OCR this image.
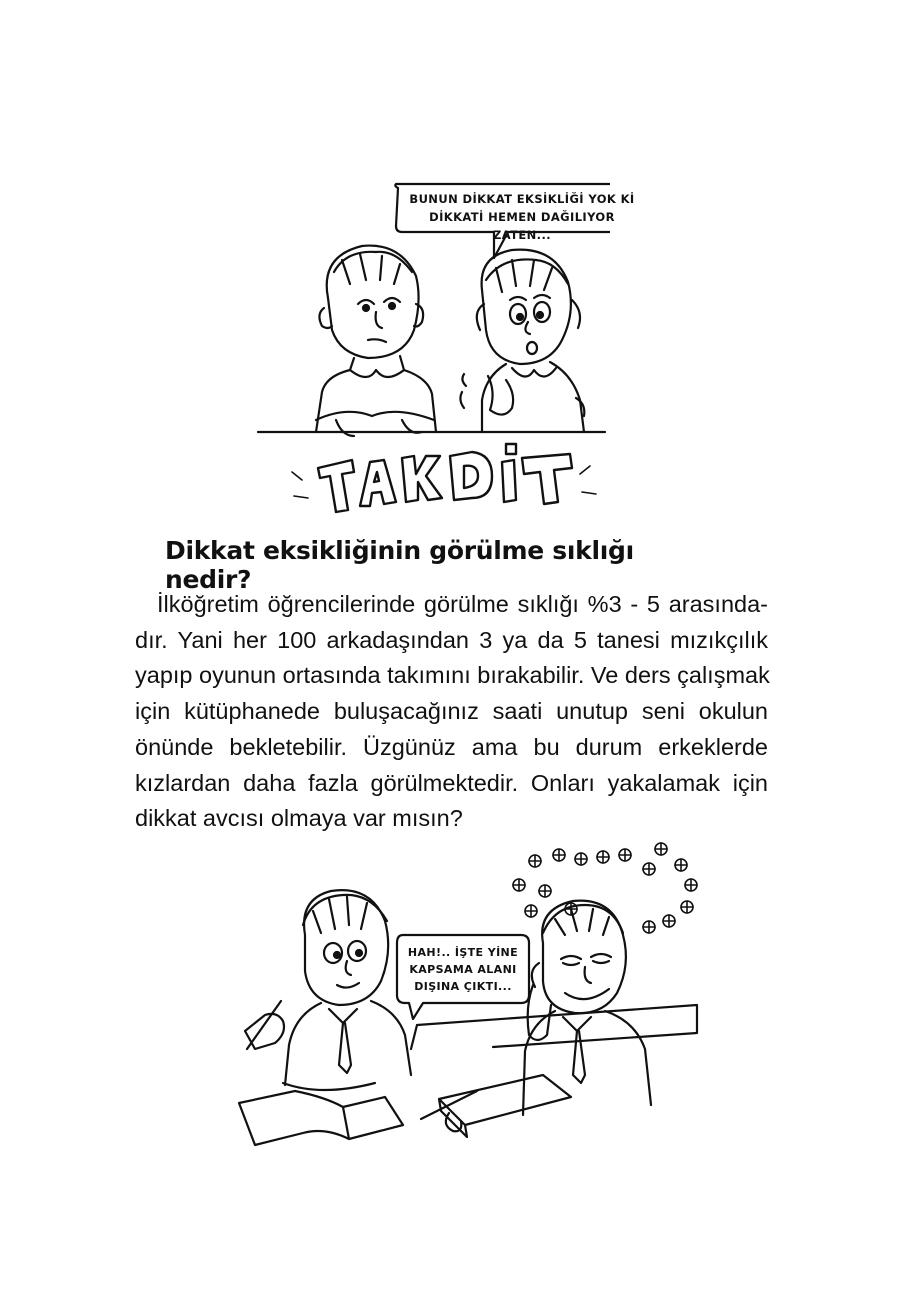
BUNUN DİKKAT EKSİKLİĞİ YOK Kİ
DİKKATİ HEMEN DAĞILIYOR ZATEN...
Dikkat eksikliğinin görülme sıklığı nedir?
İlköğretim öğrencilerinde görülme sıklığı %3 - 5 arasında-
dır. Yani her 100 arkadaşından 3 ya da 5 tanesi mızıkçılık
yapıp oyunun ortasında takımını bırakabilir. Ve ders çalışmak
için kütüphanede buluşacağınız saati unutup seni okulun
önünde bekletebilir. Üzgünüz ama bu durum erkeklerde
kızlardan daha fazla görülmektedir. Onları yakalamak için
dikkat avcısı olmaya var mısın?
HAH!.. İŞTE YİNE
KAPSAMA ALANI
DIŞINA ÇIKTI...
